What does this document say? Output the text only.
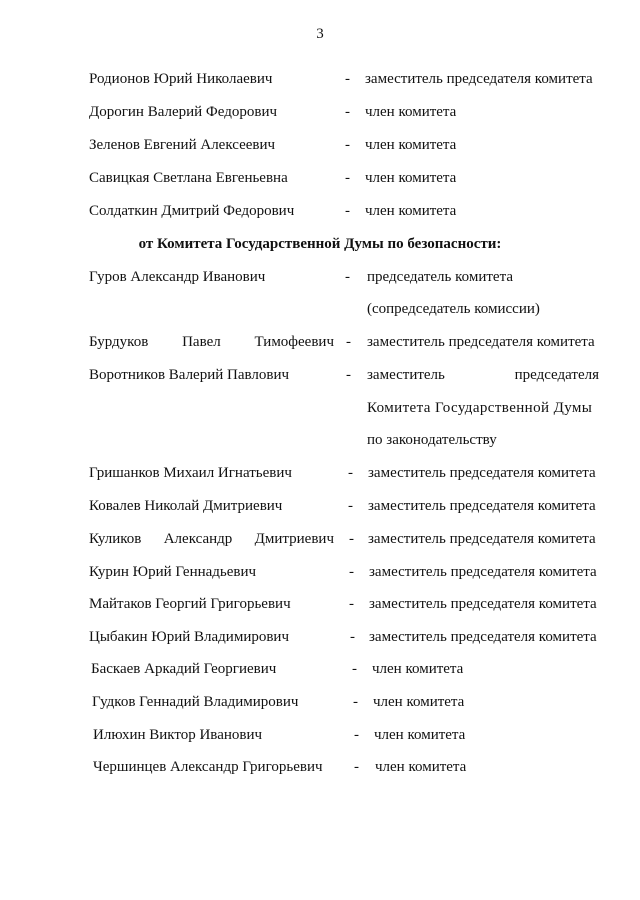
3
Родионов Юрий Николаевич	- заместитель председателя комитета
Дорогин Валерий Федорович	- член комитета
Зеленов Евгений Алексеевич	- член комитета
Савицкая Светлана Евгеньевна	- член комитета
Солдаткин Дмитрий Федорович	- член комитета
от Комитета Государственной Думы по безопасности:
Гуров Александр Иванович	- председатель комитета
(сопредседатель комиссии)
Бурдуков Павел Тимофеевич - заместитель председателя комитета
Воротников Валерий Павлович	- заместитель	председателя
Комитета Государственной Думы
по законодательству
Гришанков Михаил Игнатьевич	- заместитель председателя комитета
Ковалев Николай Дмитриевич	- заместитель председателя комитета
Куликов Александр Дмитриевич - заместитель председателя комитета
Курин Юрий Геннадьевич	- заместитель председателя комитета
Майтаков Георгий Григорьевич	- заместитель председателя комитета
Цыбакин Юрий Владимирович	- заместитель председателя комитета
Баскаев Аркадий Георгиевич	- член комитета
Гудков Геннадий Владимирович	- член комитета
Илюхин Виктор Иванович	- член комитета
Чершинцев Александр Григорьевич - член комитета
